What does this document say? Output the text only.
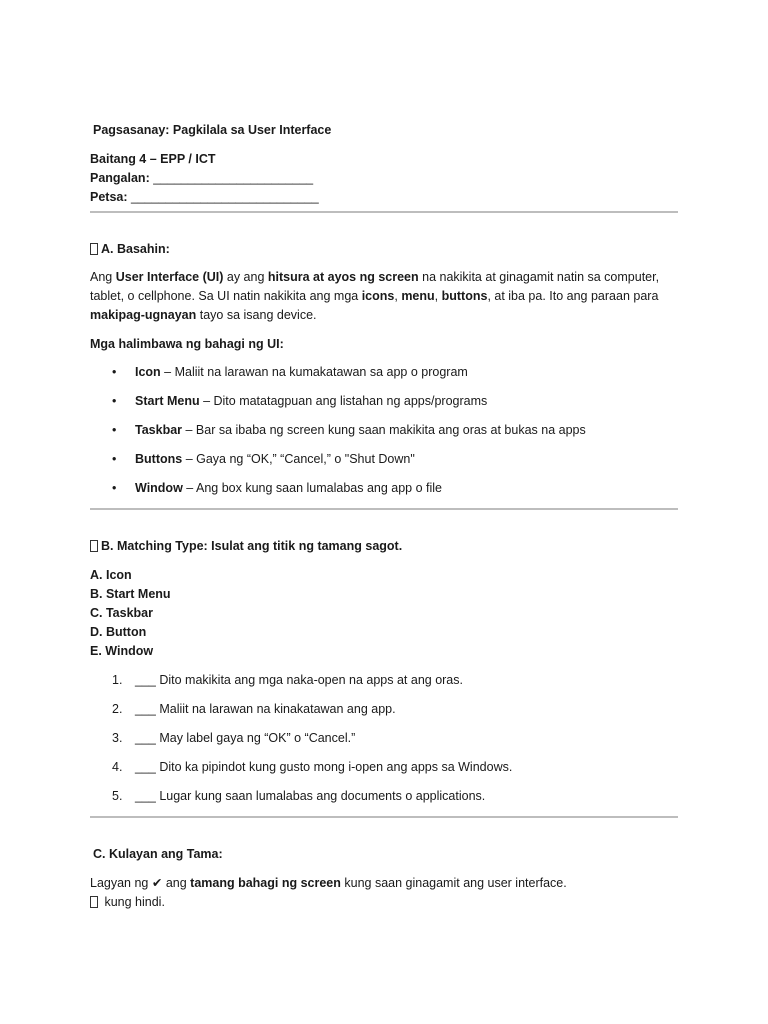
Pagsasanay: Pagkilala sa User Interface
Baitang 4 – EPP / ICT
Pangalan: _______________________
Petsa: ___________________________
A. Basahin:

Ang User Interface (UI) ay ang hitsura at ayos ng screen na nakikita at ginagamit natin sa computer, tablet, o cellphone. Sa UI natin nakikita ang mga icons, menu, buttons, at iba pa. Ito ang paraan para makipag-ugnayan tayo sa isang device.

Mga halimbawa ng bahagi ng UI:
• Icon – Maliit na larawan na kumakatawan sa app o program
• Start Menu – Dito matatagpuan ang listahan ng apps/programs
• Taskbar – Bar sa ibaba ng screen kung saan makikita ang oras at bukas na apps
• Buttons – Gaya ng “OK,” “Cancel,” o "Shut Down"
• Window – Ang box kung saan lumalabas ang app o file
B. Matching Type: Isulat ang titik ng tamang sagot.
A. Icon
B. Start Menu
C. Taskbar
D. Button
E. Window
1. ___ Dito makikita ang mga naka-open na apps at ang oras.
2. ___ Maliit na larawan na kinakatawan ang app.
3. ___ May label gaya ng “OK” o “Cancel.”
4. ___ Dito ka pipindot kung gusto mong i-open ang apps sa Windows.
5. ___ Lugar kung saan lumalabas ang documents o applications.
C. Kulayan ang Tama:
Lagyan ng ✔ ang tamang bahagi ng screen kung saan ginagamit ang user interface.
kung hindi.
